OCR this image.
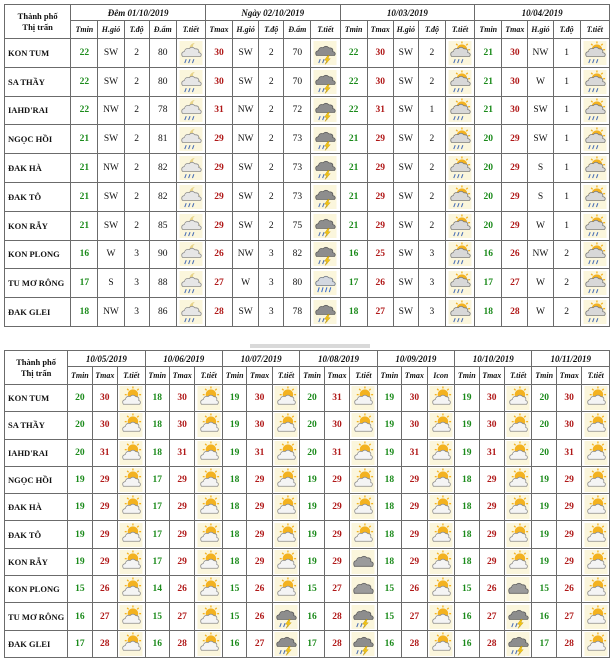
Thành phố
Thị trấn	Đêm 01/10/2019					Ngày 02/10/2019					10/03/2019					10/04/2019				
	Tmin	H.gió	T.độ	Đ.ẩm	T.tiết	Tmax	H.gió	T.độ	Đ.ẩm	T.tiết	Tmin	Tmax	H.gió	T.độ	T.tiết	Tmin	Tmax	H.gió	T.độ	T.tiết
KON TUM	22	SW	2	80		30	SW	2	70		22	30	SW	2		21	30	NW	1	

SA THẦY	22	SW	2	80		30	SW	2	70		22	30	SW	2		21	30	W	1	

IAHD'RAI	22	NW	2	78		31	NW	2	72		22	31	SW	1		21	30	SW	1	

NGỌC HỒI	21	SW	2	81		29	NW	2	73		21	29	SW	2		20	29	SW	1	

ĐAK HÀ	21	NW	2	82		29	SW	2	73		21	29	SW	2		20	29	S	1	

ĐAK TÔ	21	SW	2	82		29	SW	2	73		21	29	SW	2		20	29	S	1	

KON RẪY	21	SW	2	85		29	SW	2	75		21	29	SW	2		20	29	W	1	

KON PLONG	16	W	3	90		26	NW	3	82		16	25	SW	3		16	26	NW	2	

TU MƠ RÔNG	17	S	3	88		27	W	3	80		17	26	SW	3		17	27	W	2	

ĐAK GLEI	18	NW	3	86		28	SW	3	78		18	27	SW	3		18	28	W	2	
Thành phố
Thị trấn	10/05/2019			10/06/2019			10/07/2019			10/08/2019			10/09/2019			10/10/2019			10/11/2019		
	Tmin	Tmax	T.tiết	Tmin	Tmax	T.tiết	Tmin	Tmax	T.tiết	Tmin	Tmax	T.tiết	Tmin	Tmax	Icon	Tmin	Tmax	T.tiết	Tmin	Tmax	T.tiết
KON TUM	20	30		18	30		19	30		20	31		19	30		19	30		20	30	

SA THẦY	20	30		18	30		19	30		20	30		19	30		19	30		20	30	

IAHD'RAI	20	31		18	31		19	31		20	31		19	31		19	31		20	31	

NGỌC HỒI	19	29		17	29		18	29		19	29		18	29		18	29		19	29	

ĐAK HÀ	19	29		17	29		18	29		19	29		18	29		18	29		19	29	

ĐAK TÔ	19	29		17	29		18	29		19	29		18	29		18	29		19	29	

KON RẪY	19	29		17	29		18	29		19	29		18	29		18	29		19	29	

KON PLONG	15	26		14	26		15	26		15	27		15	26		15	26		15	26	

TU MƠ RÔNG	16	27		15	27		15	26		16	28		15	27		16	27		16	27	

ĐAK GLEI	17	28		16	28		16	27		17	28		16	28		16	28		17	28	
